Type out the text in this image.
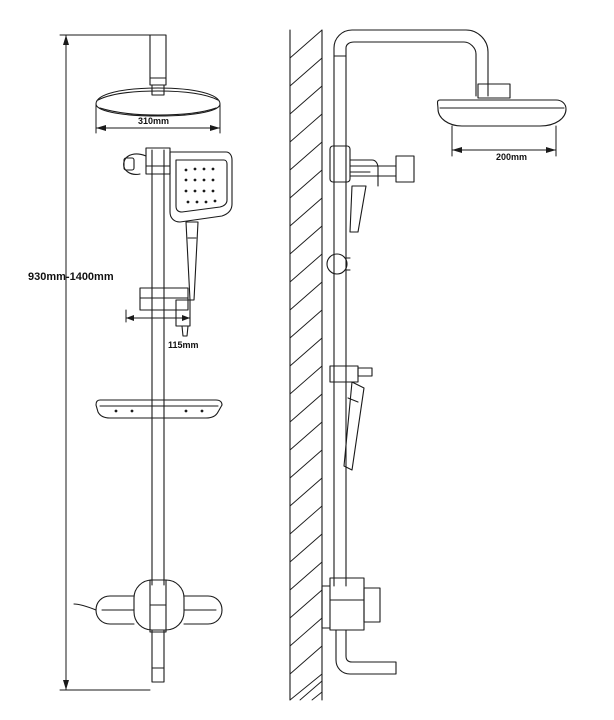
930mm-1400mm
310mm
115mm
200mm
